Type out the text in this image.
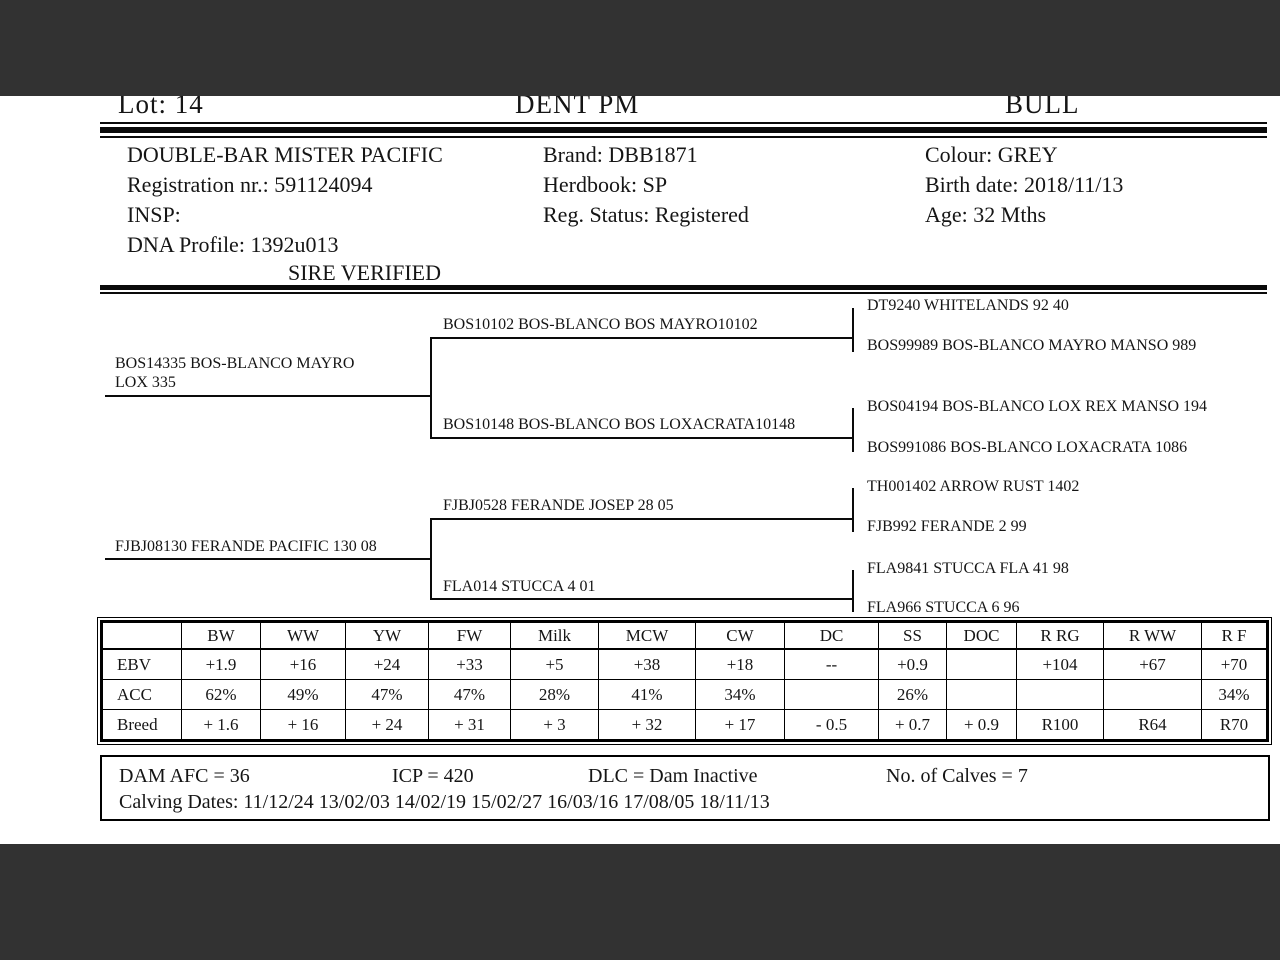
Lot: 14	DENT PM	BULL
DOUBLE-BAR MISTER PACIFIC
Registration nr.: 591124094
INSP:
DNA Profile: 1392u013
SIRE VERIFIED
Brand: DBB1871
Herdbook: SP
Reg. Status: Registered
Colour: GREY
Birth date: 2018/11/13
Age: 32 Mths
BOS14335 BOS-BLANCO MAYRO LOX 335
FJBJ08130 FERANDE PACIFIC 130 08
BOS10102 BOS-BLANCO BOS MAYRO10102
BOS10148 BOS-BLANCO BOS LOXACRATA10148
FJBJ0528 FERANDE JOSEP 28 05
FLA014 STUCCA 4 01
DT9240 WHITELANDS 92 40
BOS99989 BOS-BLANCO MAYRO MANSO 989
BOS04194 BOS-BLANCO LOX REX MANSO 194
BOS991086 BOS-BLANCO LOXACRATA 1086
TH001402 ARROW RUST 1402
FJB992 FERANDE 2 99
FLA9841 STUCCA FLA 41 98
FLA966 STUCCA 6 96
	BW	WW	YW	FW	Milk	MCW	CW	DC	SS	DOC	R RG	R WW	R F
EBV	+1.9	+16	+24	+33	+5	+38	+18	--	+0.9		+104	+67	+70
ACC	62%	49%	47%	47%	28%	41%	34%		26%				34%
Breed	+ 1.6	+ 16	+ 24	+ 31	+ 3	+ 32	+ 17	- 0.5	+ 0.7	+ 0.9	R100	R64	R70
DAM AFC = 36	ICP = 420	DLC = Dam Inactive	No. of Calves = 7
Calving Dates: 11/12/24 13/02/03 14/02/19 15/02/27 16/03/16 17/08/05 18/11/13
